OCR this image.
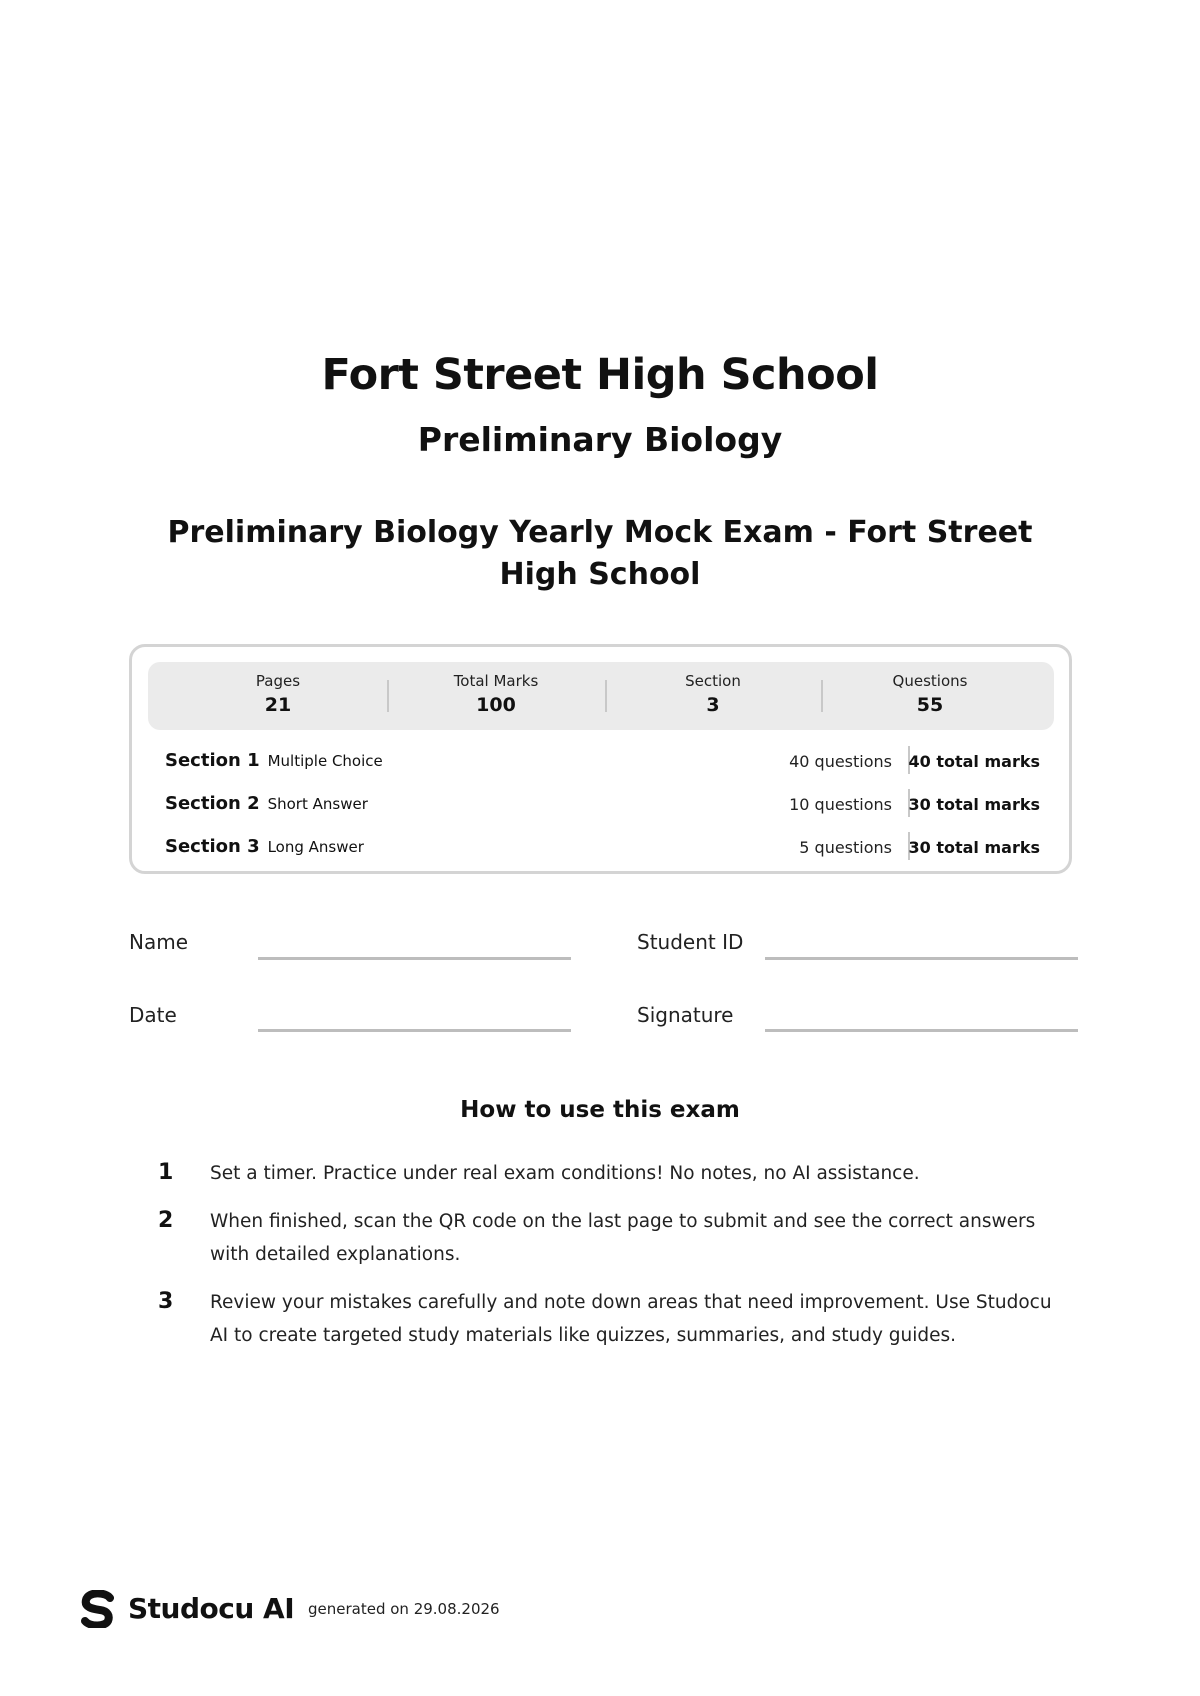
Fort Street High School
Preliminary Biology
Preliminary Biology Yearly Mock Exam - Fort Street High School
Pages
21
Total Marks
100
Section
3
Questions
55
Section 1 Multiple Choice	40 questions 40 total marks
Section 2 Short Answer	10 questions 30 total marks
Section 3 Long Answer	5 questions 30 total marks
Name	Student ID
Date	Signature
How to use this exam
1	Set a timer. Practice under real exam conditions! No notes, no AI assistance.
2	When finished, scan the QR code on the last page to submit and see the correct answers with detailed explanations.
3	Review your mistakes carefully and note down areas that need improvement. Use Studocu AI to create targeted study materials like quizzes, summaries, and study guides.
Studocu AI generated on 29.08.2026
